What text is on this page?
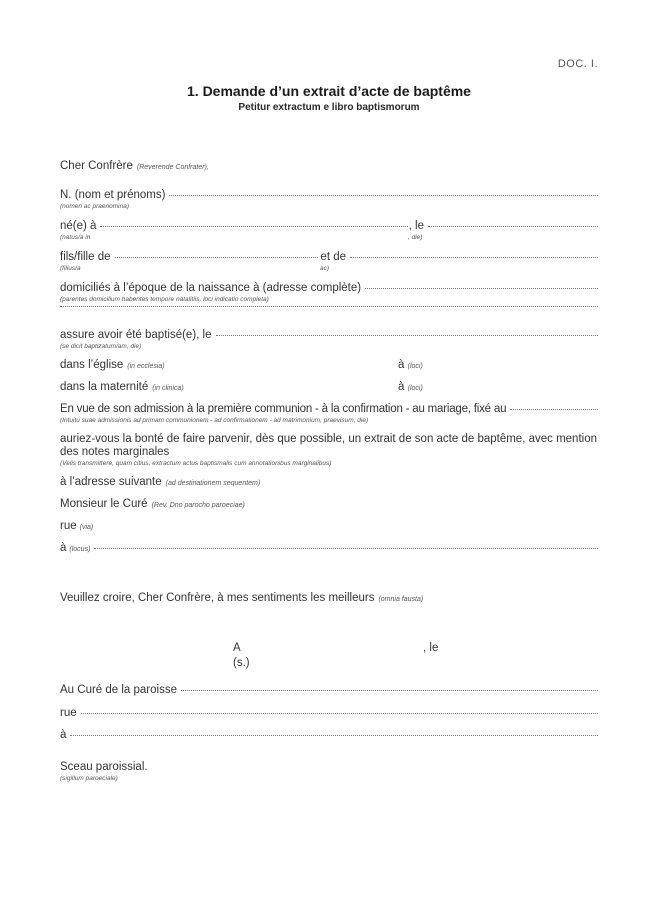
DOC. I.
1. Demande d’un extrait d’acte de baptême
Petitur extractum e libro baptismorum
Cher Confrère (Reverende Confrater),
N. (nom et prénoms)
(nomen ac praenomina)
né(e) à	, le
(natus/a in	, die)
fils/fille de	et de
(filius/a	ac)
domiciliés à l’époque de la naissance à (adresse complète)
(parentes domicilium habentes tempore natalitiis, loci indicatio completa)
assure avoir été baptisé(e), le
(se dicit baptizatum/am, die)
dans l’église (in ecclesia)	à (loci)
dans la maternité (in clinica)	à (loci)
En vue de son admission à la première communion - à la confirmation - au mariage, fixé au
(Intuitu suae admissionis ad primam communionem - ad confirmationem - ad matrimonium, praevisum, die)
auriez-vous la bonté de faire parvenir, dès que possible, un extrait de son acte de baptême, avec mention des notes marginales
(Velis transmittere, quam citius, extractum actus baptismalis cum annotationibus marginalibus)
à l’adresse suivante (ad destinationem sequentem)
Monsieur le Curé (Rev. Dno parocho paroeciae)
rue (via)
à (locus)
Veuillez croire, Cher Confrère, à mes sentiments les meilleurs (omnia fausta)
A	, le
(s.)
Au Curé de la paroisse
rue
à
Sceau paroissial.
(sigillum paroeciale)
